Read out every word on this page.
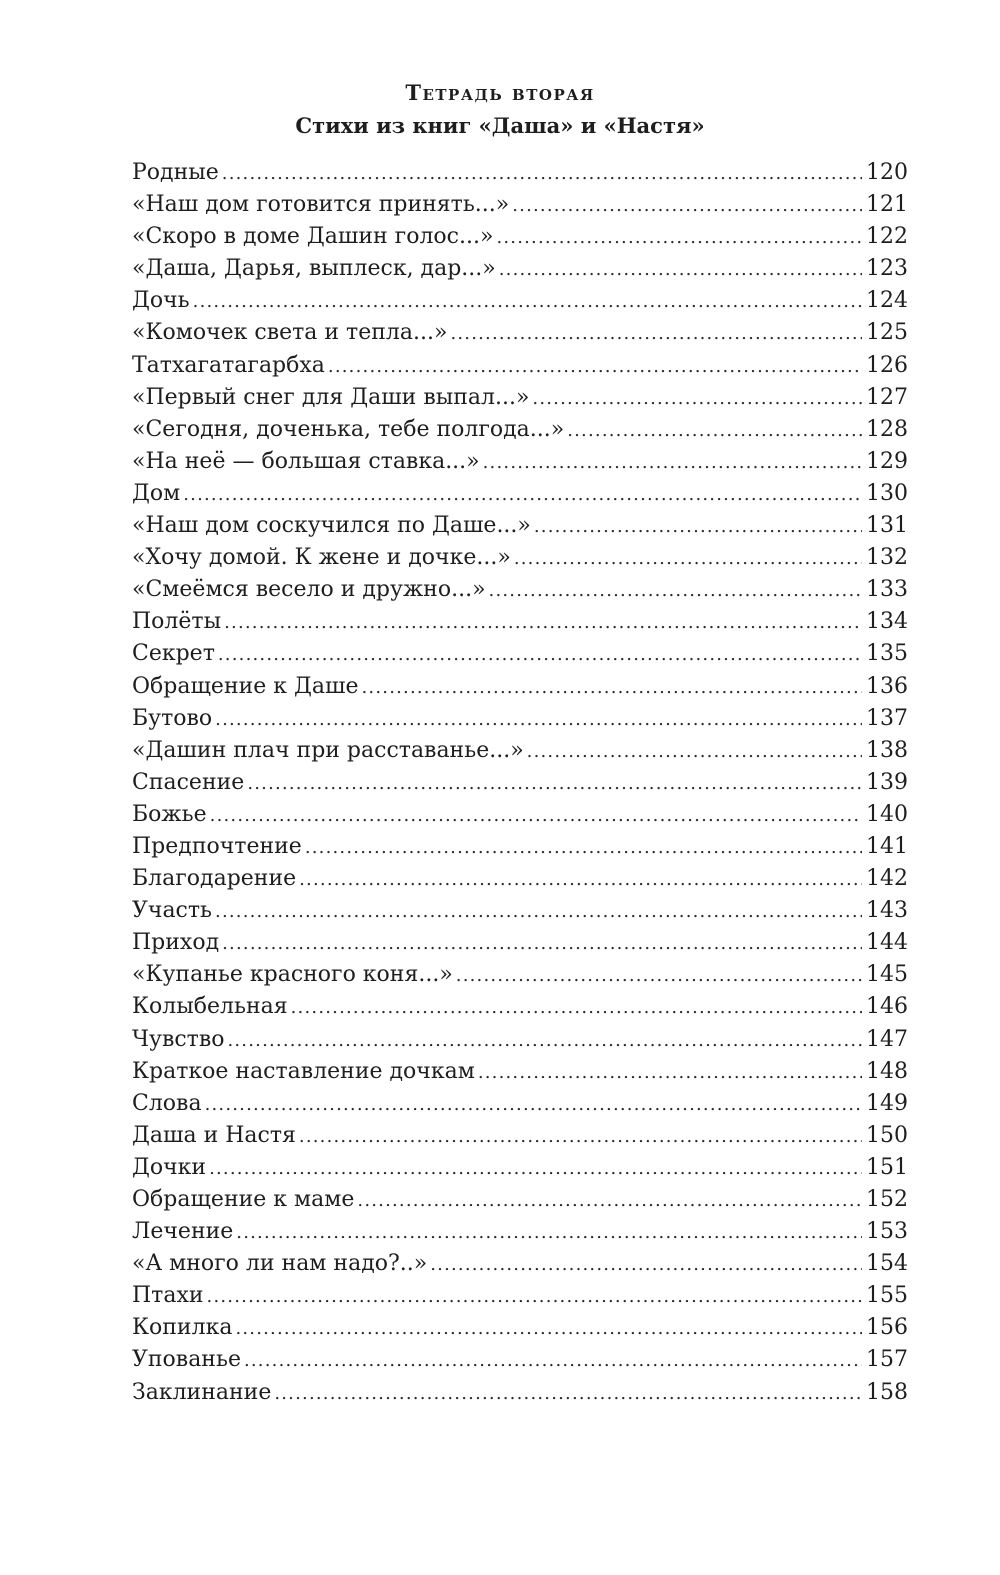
Тетрадь вторая
Стихи из книг «Даша» и «Настя»
Родные .....	120
«Наш дом готовится принять...» .....	121
«Скоро в доме Дашин голос...» .....	122
«Даша, Дарья, выплеск, дар...» .....	123
Дочь .....	124
«Комочек света и тепла...» .....	125
Татхагатагарбха .....	126
«Первый снег для Даши выпал...» .....	127
«Сегодня, доченька, тебе полгода...» .....	128
«На неё — большая ставка...» .....	129
Дом .....	130
«Наш дом соскучился по Даше...» .....	131
«Хочу домой. К жене и дочке...» .....	132
«Смеёмся весело и дружно...» .....	133
Полёты .....	134
Секрет .....	135
Обращение к Даше .....	136
Бутово .....	137
«Дашин плач при расставанье...» .....	138
Спасение .....	139
Божье .....	140
Предпочтение .....	141
Благодарение .....	142
Участь .....	143
Приход .....	144
«Купанье красного коня...» .....	145
Колыбельная .....	146
Чувство .....	147
Краткое наставление дочкам .....	148
Слова .....	149
Даша и Настя .....	150
Дочки .....	151
Обращение к маме .....	152
Лечение .....	153
«А много ли нам надо?..» .....	154
Птахи .....	155
Копилка .....	156
Упованье .....	157
Заклинание .....	158
